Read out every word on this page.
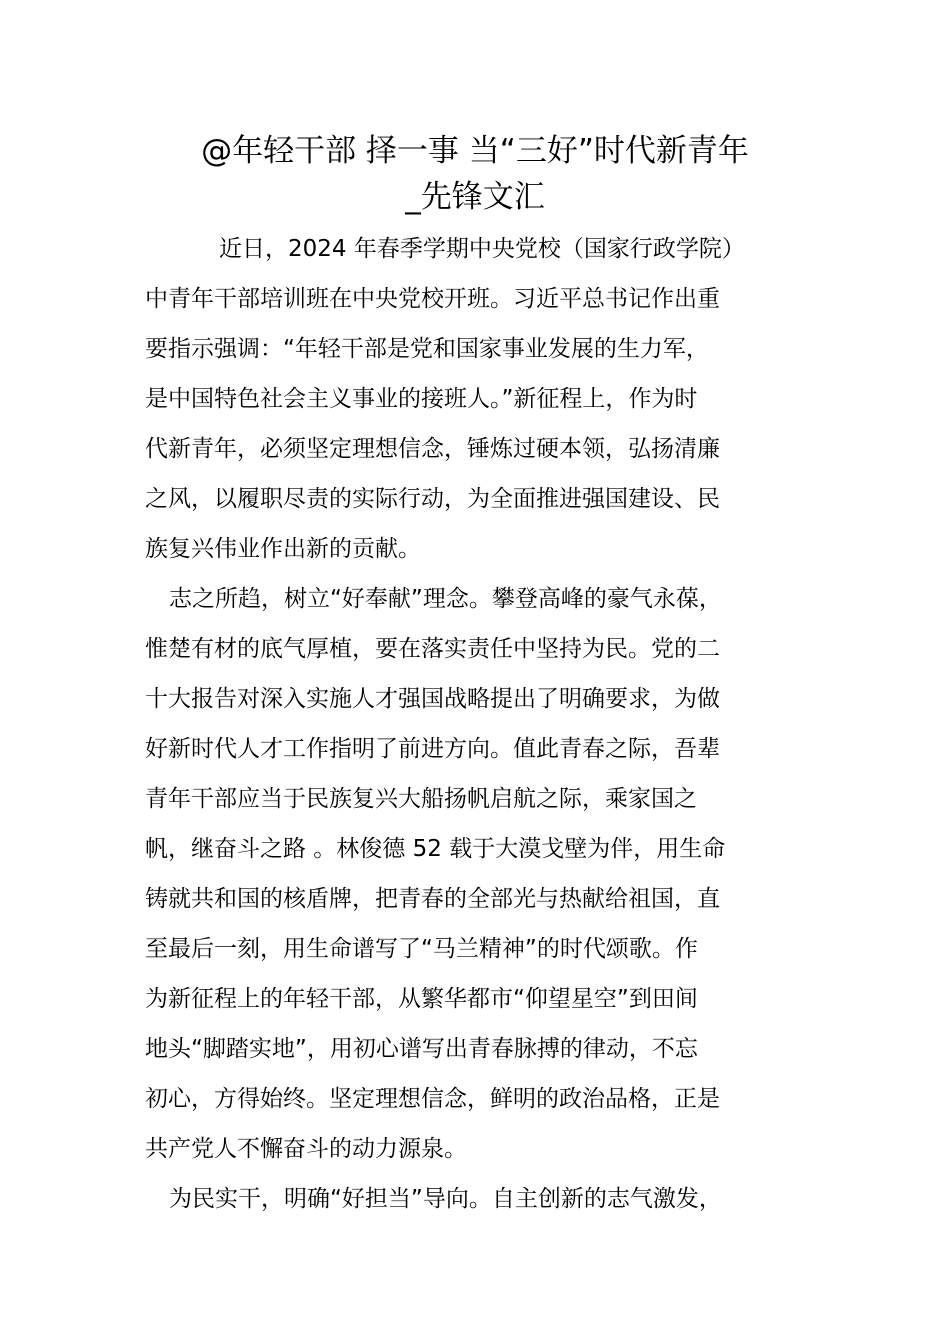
@年轻干部 择一事 当“三好”时代新青年
_先锋文汇

近日，2024 年春季学期中央党校（国家行政学院）
中青年干部培训班在中央党校开班。习近平总书记作出重
要指示强调：“年轻干部是党和国家事业发展的生力军，
是中国特色社会主义事业的接班人。”新征程上，作为时
代新青年，必须坚定理想信念，锤炼过硬本领，弘扬清廉
之风，以履职尽责的实际行动，为全面推进强国建设、民
族复兴伟业作出新的贡献。

志之所趋，树立“好奉献”理念。攀登高峰的豪气永葆，
惟楚有材的底气厚植，要在落实责任中坚持为民。党的二
十大报告对深入实施人才强国战略提出了明确要求，为做
好新时代人才工作指明了前进方向。值此青春之际，吾辈
青年干部应当于民族复兴大船扬帆启航之际，乘家国之
帆，继奋斗之路 。林俊德 52 载于大漠戈壁为伴，用生命
铸就共和国的核盾牌，把青春的全部光与热献给祖国，直
至最后一刻，用生命谱写了“马兰精神”的时代颂歌。作
为新征程上的年轻干部，从繁华都市“仰望星空”到田间
地头“脚踏实地”，用初心谱写出青春脉搏的律动，不忘
初心，方得始终。坚定理想信念，鲜明的政治品格，正是
共产党人不懈奋斗的动力源泉。

为民实干，明确“好担当”导向。自主创新的志气激发，
